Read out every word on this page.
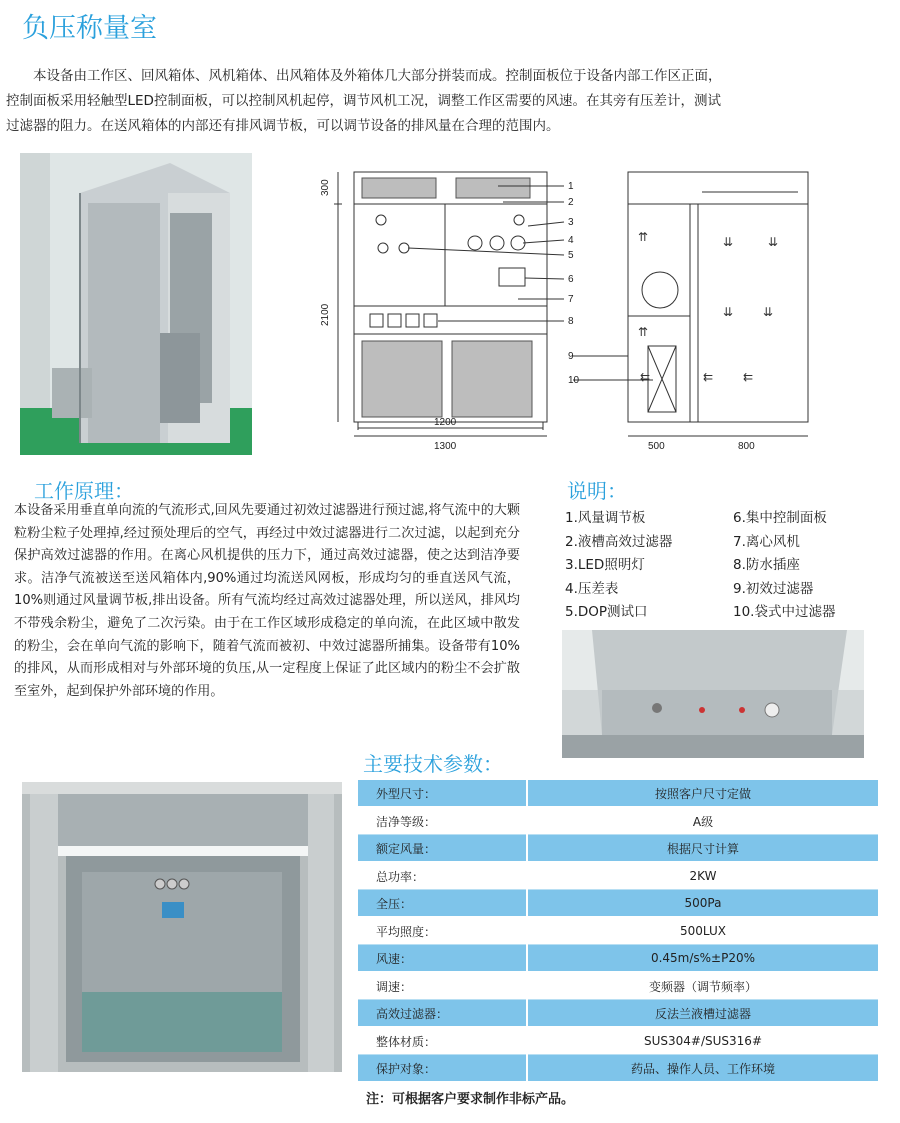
负压称量室

　　本设备由工作区、回风箱体、风机箱体、出风箱体及外箱体几大部分拼装而成。控制面板位于设备内部工作区正面，

控制面板采用轻触型LED控制面板，可以控制风机起停，调节风机工况，调整工作区需要的风速。在其旁有压差计，测试

过滤器的阻力。在送风箱体的内部还有排风调节板，可以调节设备的排风量在合理的范围内。

300
2100
1200
1300	500	800
1
2
3
4
5
6
7
8
9
10
⇈
⇈
⇊	⇊
⇊ ⇊
⇇ ⇇
⇇
工作原理：
本设备采用垂直单向流的气流形式,回风先要通过初效过滤器进行预过滤,将气流中的大颗粒粉尘粒子处理掉,经过预处理后的空气，再经过中效过滤器进行二次过滤，以起到充分保护高效过滤器的作用。在离心风机提供的压力下，通过高效过滤器，使之达到洁净要求。洁净气流被送至送风箱体内,90%通过均流送风网板，形成均匀的垂直送风气流，10%则通过风量调节板,排出设备。所有气流均经过高效过滤器处理，所以送风，排风均不带残余粉尘，避免了二次污染。由于在工作区域形成稳定的单向流，在此区域中散发的粉尘，会在单向气流的影响下，随着气流而被初、中效过滤器所捕集。设备带有10%的排风，从而形成相对与外部环境的负压,从一定程度上保证了此区域内的粉尘不会扩散至室外，起到保护外部环境的作用。
说明：
1.风量调节板	6.集中控制面板
2.液槽高效过滤器	7.离心风机
3.LED照明灯	8.防水插座
4.压差表	9.初效过滤器
5.DOP测试口	10.袋式中过滤器
主要技术参数：
外型尺寸：	按照客户尺寸定做
洁净等级：	A级
额定风量：	根据尺寸计算
总功率：	2KW
全压：	500Pa
平均照度：	500LUX
风速：	0.45m/s%±P20%
调速：	变频器（调节频率）
高效过滤器：	反法兰液槽过滤器
整体材质：	SUS304#/SUS316#
保护对象：	药品、操作人员、工作环境
注：可根据客户要求制作非标产品。
